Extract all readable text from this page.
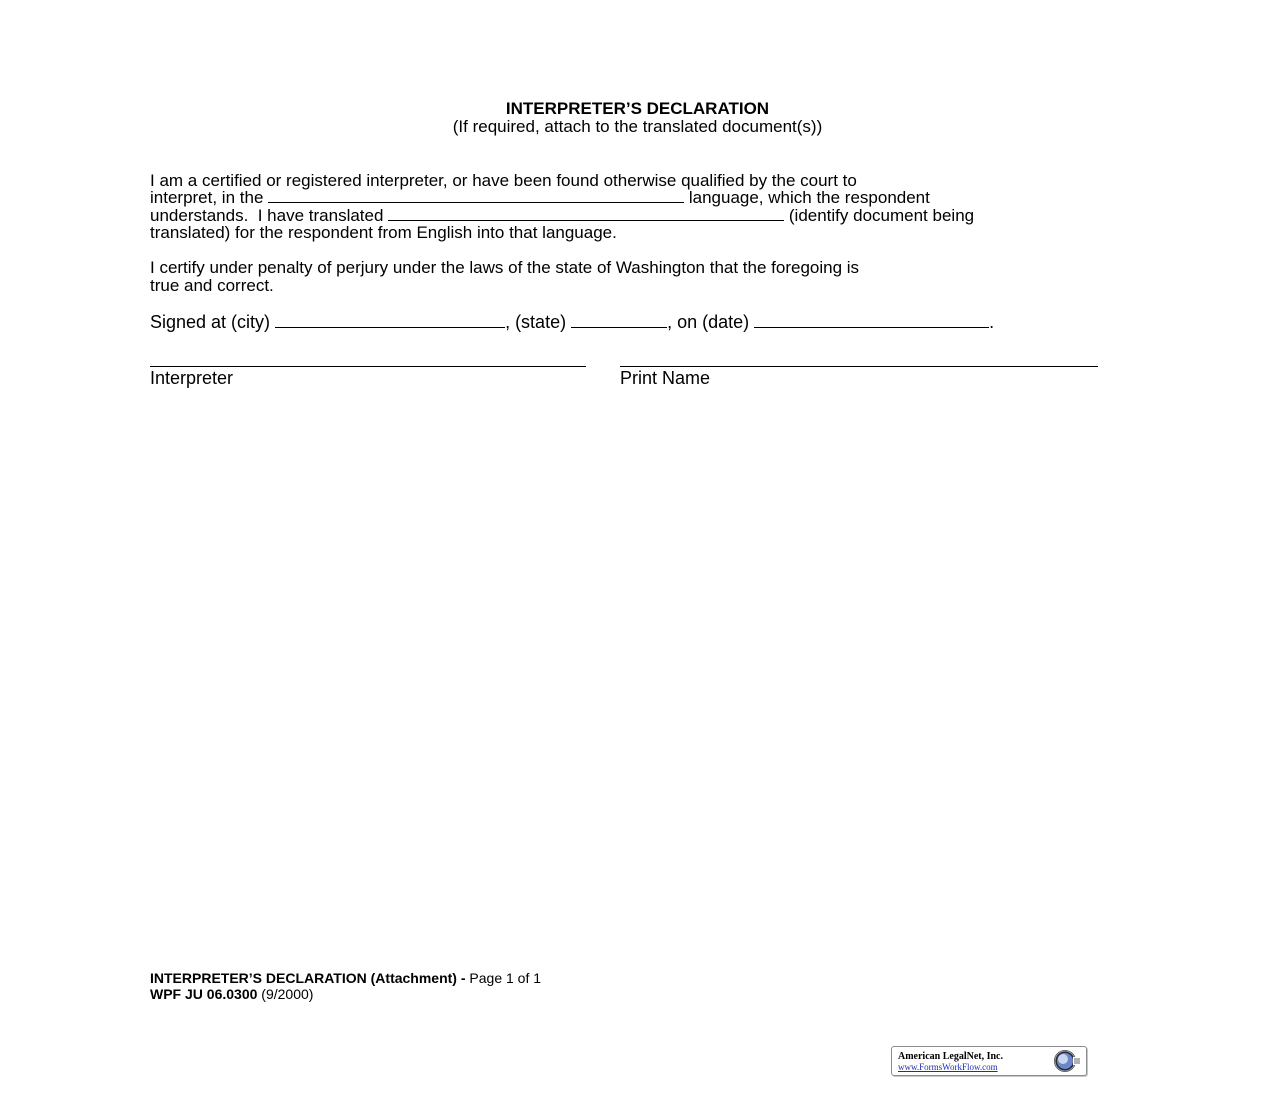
INTERPRETER’S DECLARATION
(If required, attach to the translated document(s))
I am a certified or registered interpreter, or have been found otherwise qualified by the court to
interpret, in the	language, which the respondent
understands.  I have translated	(identify document being
translated) for the respondent from English into that language.
I certify under penalty of perjury under the laws of the state of Washington that the foregoing is
true and correct.
Signed at (city)	, (state)	, on (date)	.
Interpreter	Print Name
INTERPRETER’S DECLARATION (Attachment) - Page 1 of 1
WPF JU 06.0300 (9/2000)
American LegalNet, Inc.
www.FormsWorkFlow.com
